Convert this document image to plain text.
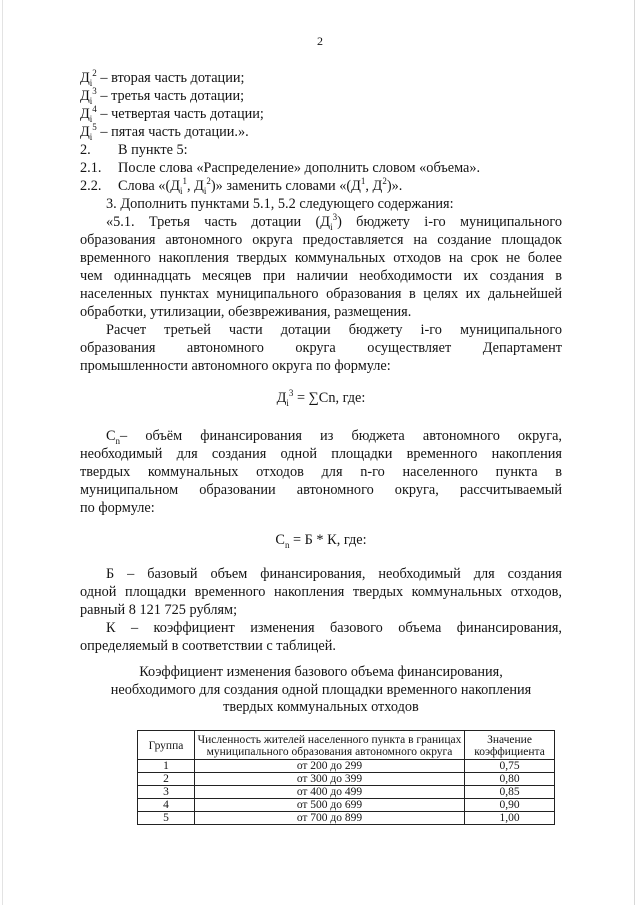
2
$Д_i^2$ – вторая часть дотации;
$Д_i^3$ – третья часть дотации;
$Д_i^4$ – четвертая часть дотации;
$Д_i^5$ – пятая часть дотации.».
2. В пункте 5:
2.1. После слова «Распределение» дополнить словом «объема».
2.2. Слова «($Д_i^1$, $Д_i^2$)» заменить словами «($Д^1$, $Д^2$)».
3. Дополнить пунктами 5.1, 5.2 следующего содержания:
«5.1. Третья часть дотации $(Д_i^3)$ бюджету i-го муниципального
образования автономного округа предоставляется на создание площадок
временного накопления твердых коммунальных отходов на срок не более
чем одиннадцать месяцев при наличии необходимости их создания в
населенных пунктах муниципального образования в целях их дальнейшей
обработки, утилизации, обезвреживания, размещения.
Расчет третьей части дотации бюджету i-го муниципального
образования автономного округа осуществляет Департамент
промышленности автономного округа по формуле:
$Д_i^3 = \sum Cn$, где:
$C_n-$ объём финансирования из бюджета автономного округа,
необходимый для создания одной площадки временного накопления
твердых коммунальных отходов для n-го населенного пункта в
муниципальном образовании автономного округа, рассчитываемый
по формуле:
$C_n = Б * К$, где:
Б – базовый объем финансирования, необходимый для создания
одной площадки временного накопления твердых коммунальных отходов,
равный 8 121 725 рублям;
К – коэффициент изменения базового объема финансирования,
определяемый в соответствии с таблицей.
Коэффициент изменения базового объема финансирования,
необходимого для создания одной площадки временного накопления
твердых коммунальных отходов
Группа	Численность жителей населенного пункта в границах муниципального образования автономного округа	Значение коэффициента
1	от 200 до 299	0,75
2	от 300 до 399	0,80
3	от 400 до 499	0,85
4	от 500 до 699	0,90
5	от 700 до 899	1,00
